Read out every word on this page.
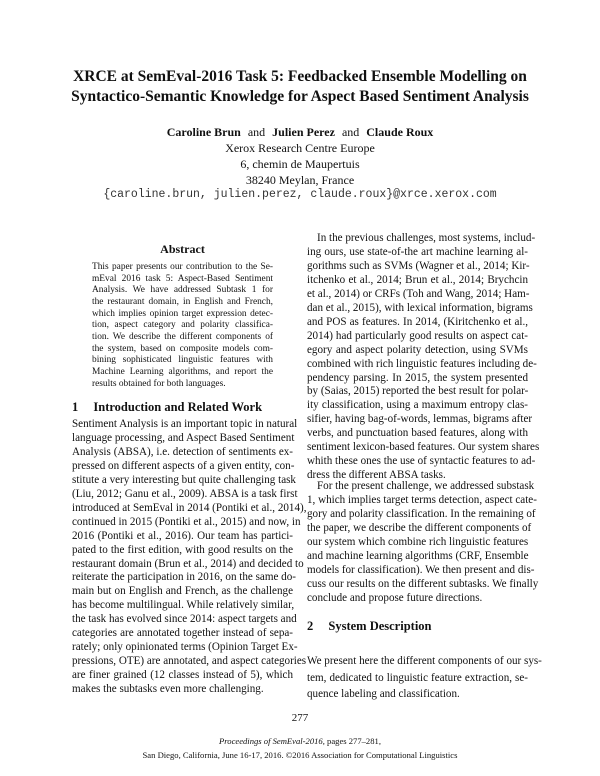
XRCE at SemEval-2016 Task 5: Feedbacked Ensemble Modelling on
Syntactico-Semantic Knowledge for Aspect Based Sentiment Analysis
Caroline Brun and Julien Perez and Claude Roux
Xerox Research Centre Europe
6, chemin de Maupertuis
38240 Meylan, France
{caroline.brun, julien.perez, claude.roux}@xrce.xerox.com
Abstract
This paper presents our contribution to the Se-
mEval 2016 task 5: Aspect-Based Sentiment
Analysis. We have addressed Subtask 1 for
the restaurant domain, in English and French,
which implies opinion target expression detec-
tion, aspect category and polarity classifica-
tion. We describe the different components of
the system, based on composite models com-
bining sophisticated linguistic features with
Machine Learning algorithms, and report the
results obtained for both languages.
1 Introduction and Related Work
Sentiment Analysis is an important topic in natural
language processing, and Aspect Based Sentiment
Analysis (ABSA), i.e. detection of sentiments ex-
pressed on different aspects of a given entity, con-
stitute a very interesting but quite challenging task
(Liu, 2012; Ganu et al., 2009). ABSA is a task first
introduced at SemEval in 2014 (Pontiki et al., 2014),
continued in 2015 (Pontiki et al., 2015) and now, in
2016 (Pontiki et al., 2016). Our team has partici-
pated to the first edition, with good results on the
restaurant domain (Brun et al., 2014) and decided to
reiterate the participation in 2016, on the same do-
main but on English and French, as the challenge
has become multilingual. While relatively similar,
the task has evolved since 2014: aspect targets and
categories are annotated together instead of sepa-
rately; only opinionated terms (Opinion Target Ex-
pressions, OTE) are annotated, and aspect categories
are finer grained (12 classes instead of 5), which
makes the subtasks even more challenging.
In the previous challenges, most systems, includ-
ing ours, use state-of-the art machine learning al-
gorithms such as SVMs (Wagner et al., 2014; Kir-
itchenko et al., 2014; Brun et al., 2014; Brychcin
et al., 2014) or CRFs (Toh and Wang, 2014; Ham-
dan et al., 2015), with lexical information, bigrams
and POS as features. In 2014, (Kiritchenko et al.,
2014) had particularly good results on aspect cat-
egory and aspect polarity detection, using SVMs
combined with rich linguistic features including de-
pendency parsing. In 2015, the system presented
by (Saias, 2015) reported the best result for polar-
ity classification, using a maximum entropy clas-
sifier, having bag-of-words, lemmas, bigrams after
verbs, and punctuation based features, along with
sentiment lexicon-based features. Our system shares
whith these ones the use of syntactic features to ad-
dress the different ABSA tasks.
For the present challenge, we addressed substask
1, which implies target terms detection, aspect cate-
gory and polarity classification. In the remaining of
the paper, we describe the different components of
our system which combine rich linguistic features
and machine learning algorithms (CRF, Ensemble
models for classification). We then present and dis-
cuss our results on the different subtasks. We finally
conclude and propose future directions.
2 System Description
We present here the different components of our sys-
tem, dedicated to linguistic feature extraction, se-
quence labeling and classification.
277
Proceedings of SemEval-2016, pages 277–281,
San Diego, California, June 16-17, 2016. ©2016 Association for Computational Linguistics
